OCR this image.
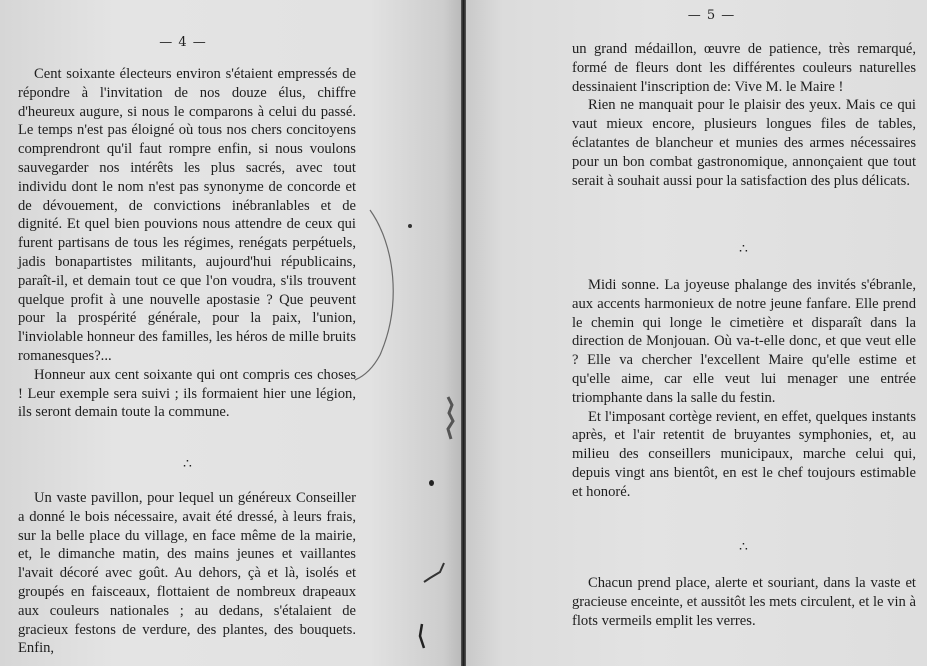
— 4 —

Cent soixante électeurs environ s'étaient empressés de répondre à l'invitation de nos douze élus, chiffre d'heureux augure, si nous le comparons à celui du passé. Le temps n'est pas éloigné où tous nos chers concitoyens comprendront qu'il faut rompre enfin, si nous voulons sauvegarder nos intérêts les plus sacrés, avec tout individu dont le nom n'est pas synonyme de concorde et de dévouement, de convictions inébranlables et de dignité. Et quel bien pouvions nous attendre de ceux qui furent partisans de tous les régimes, renégats perpétuels, jadis bonapartistes militants, aujourd'hui républicains, paraît-il, et demain tout ce que l'on voudra, s'ils trouvent quelque profit à une nouvelle apostasie ? Que peuvent pour la prospérité générale, pour la paix, l'union, l'inviolable honneur des familles, les héros de mille bruits romanesques?...

Honneur aux cent soixante qui ont compris ces choses ! Leur exemple sera suivi ; ils formaient hier une légion, ils seront demain toute la commune.

∴

Un vaste pavillon, pour lequel un généreux Conseiller a donné le bois nécessaire, avait été dressé, à leurs frais, sur la belle place du village, en face même de la mairie, et, le dimanche matin, des mains jeunes et vaillantes l'avait décoré avec goût. Au dehors, çà et là, isolés et groupés en faisceaux, flottaient de nombreux drapeaux aux couleurs nationales ; au dedans, s'étalaient de gracieux festons de verdure, des plantes, des bouquets. Enfin,

— 5 —

un grand médaillon, œuvre de patience, très remarqué, formé de fleurs dont les différentes couleurs naturelles dessinaient l'inscription de: Vive M. le Maire !

Rien ne manquait pour le plaisir des yeux. Mais ce qui vaut mieux encore, plusieurs longues files de tables, éclatantes de blancheur et munies des armes nécessaires pour un bon combat gastronomique, annonçaient que tout serait à souhait aussi pour la satisfaction des plus délicats.

∴

Midi sonne. La joyeuse phalange des invités s'ébranle, aux accents harmonieux de notre jeune fanfare. Elle prend le chemin qui longe le cimetière et disparaît dans la direction de Monjouan. Où va-t-elle donc, et que veut elle ? Elle va chercher l'excellent Maire qu'elle estime et qu'elle aime, car elle veut lui menager une entrée triomphante dans la salle du festin.

Et l'imposant cortège revient, en effet, quelques instants après, et l'air retentit de bruyantes symphonies, et, au milieu des conseillers municipaux, marche celui qui, depuis vingt ans bientôt, en est le chef toujours estimable et honoré.

∴

Chacun prend place, alerte et souriant, dans la vaste et gracieuse enceinte, et aussitôt les mets circulent, et le vin à flots vermeils emplit les verres.
